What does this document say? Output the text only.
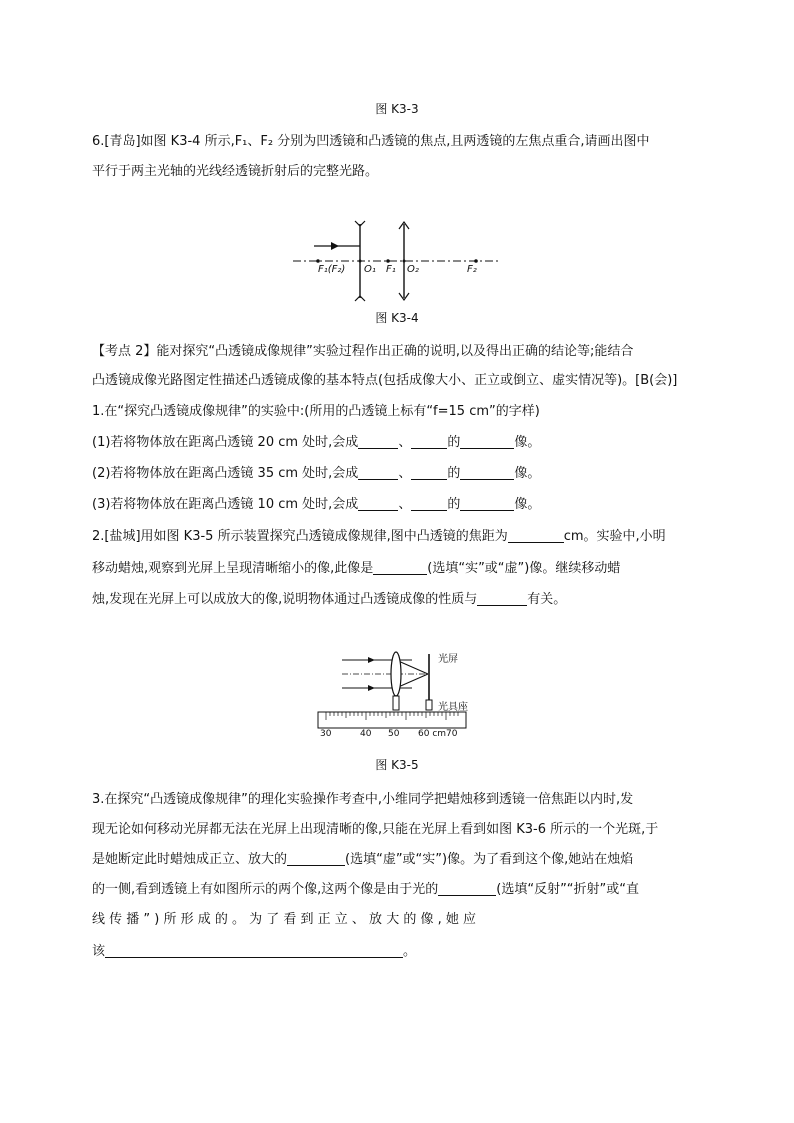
图 K3-3
6.[青岛]如图 K3-4 所示,F₁、F₂ 分别为凹透镜和凸透镜的焦点,且两透镜的左焦点重合,请画出图中
平行于两主光轴的光线经透镜折射后的完整光路。
F₁(F₂) O₁ F₁ O₂	F₂
图 K3-4
【考点 2】能对探究“凸透镜成像规律”实验过程作出正确的说明,以及得出正确的结论等;能结合
凸透镜成像光路图定性描述凸透镜成像的基本特点(包括成像大小、正立或倒立、虚实情况等)。[B(会)]
1.在“探究凸透镜成像规律”的实验中:(所用的凸透镜上标有“f=15 cm”的字样)
(1)若将物体放在距离凸透镜 20 cm 处时,会成	、	的	像。
(2)若将物体放在距离凸透镜 35 cm 处时,会成	、	的	像。
(3)若将物体放在距离凸透镜 10 cm 处时,会成	、	的	像。
2.[盐城]用如图 K3-5 所示装置探究凸透镜成像规律,图中凸透镜的焦距为	cm。实验中,小明
移动蜡烛,观察到光屏上呈现清晰缩小的像,此像是	(选填“实”或“虚”)像。继续移动蜡
烛,发现在光屏上可以成放大的像,说明物体通过凸透镜成像的性质与	有关。
光屏
光具座
30	40 50 60 cm 70
图 K3-5
3.在探究“凸透镜成像规律”的理化实验操作考查中,小维同学把蜡烛移到透镜一倍焦距以内时,发
现无论如何移动光屏都无法在光屏上出现清晰的像,只能在光屏上看到如图 K3-6 所示的一个光斑,于
是她断定此时蜡烛成正立、放大的	(选填“虚”或“实”)像。为了看到这个像,她站在烛焰
的一侧,看到透镜上有如图所示的两个像,这两个像是由于光的	(选填“反射”“折射”或“直
线 传 播 ” ) 所 形 成 的 。 为 了 看 到 正 立 、 放 大 的 像 , 她 应
该	。
